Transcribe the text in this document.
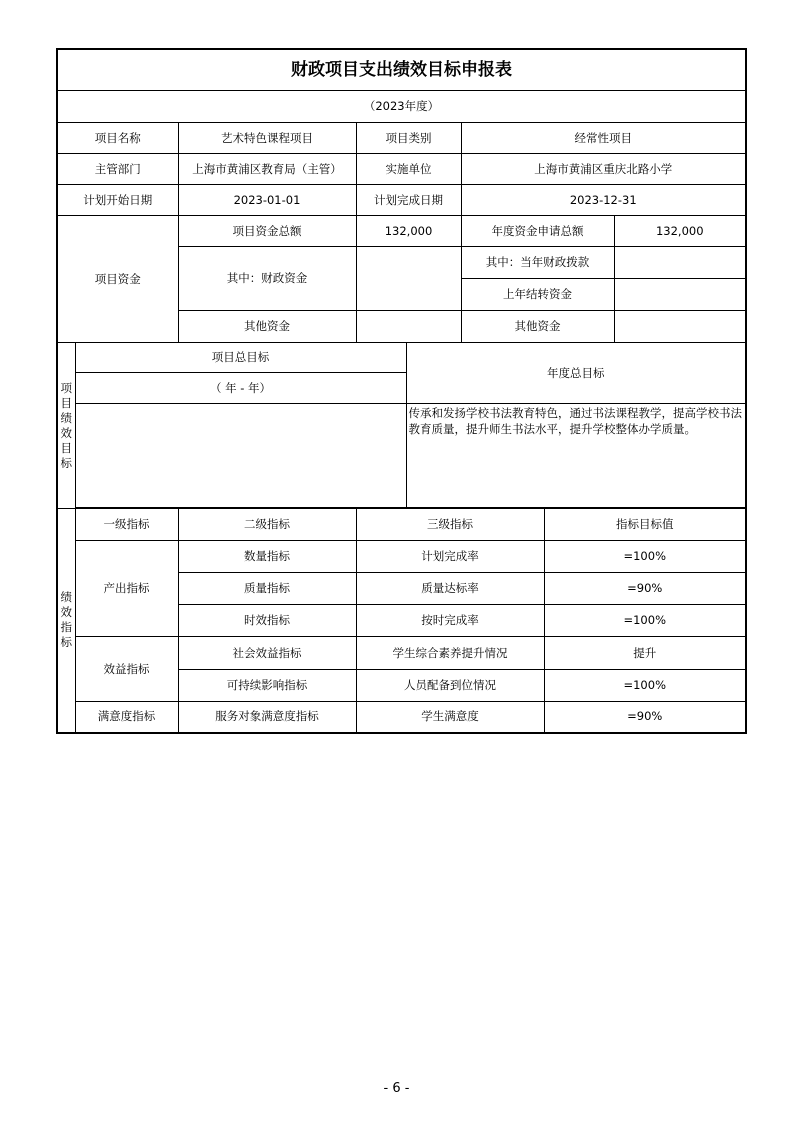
财政项目支出绩效目标申报表							
（2023年度）							
项目名称		艺术特色课程项目	项目类别		经常性项目		
主管部门		上海市黄浦区教育局（主管）	实施单位		上海市黄浦区重庆北路小学		
计划开始日期		2023-01-01	计划完成日期		2023-12-31		
项目资金		项目资金总额	132,000		年度资金申请总额		132,000
		其中：财政资金			其中：当年财政拨款		
					上年结转资金		
		其他资金			其他资金		

项目绩效目标	项目总目标			年度总目标			
	（ 年 - 年）						
				传承和发扬学校书法教育特色，通过书法课程教学，提高学校书法教育质量，提升师生书法水平，提升学校整体办学质量。			

绩效指标	一级指标	二级指标	三级指标			指标目标值	
	产出指标	数量指标	计划完成率			=100%	
		质量指标	质量达标率			=90%	
		时效指标	按时完成率			=100%	
	效益指标	社会效益指标	学生综合素养提升情况			提升	
		可持续影响指标	人员配备到位情况			=100%	
	满意度指标	服务对象满意度指标	学生满意度			=90%	
- 6 -
